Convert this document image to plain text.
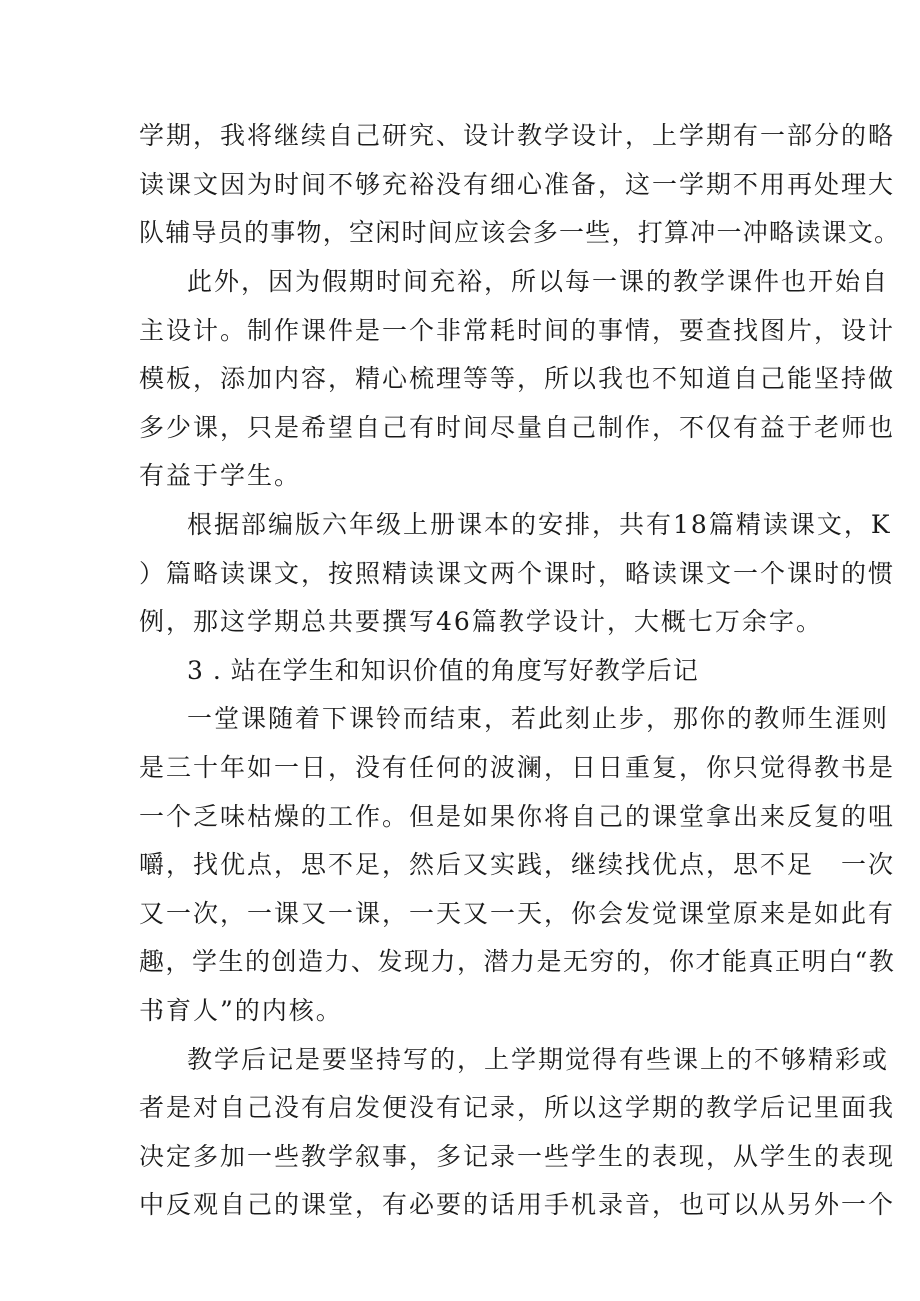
学期，我将继续自己研究、设计教学设计，上学期有一部分的略
读课文因为时间不够充裕没有细心准备，这一学期不用再处理大
队辅导员的事物，空闲时间应该会多一些，打算冲一冲略读课文。
此外，因为假期时间充裕，所以每一课的教学课件也开始自
主设计。制作课件是一个非常耗时间的事情，要查找图片，设计
模板，添加内容，精心梳理等等，所以我也不知道自己能坚持做
多少课，只是希望自己有时间尽量自己制作，不仅有益于老师也
有益于学生。
根据部编版六年级上册课本的安排，共有18篇精读课文，K
）篇略读课文，按照精读课文两个课时，略读课文一个课时的惯
例，那这学期总共要撰写46篇教学设计，大概七万余字。
3 . 站在学生和知识价值的角度写好教学后记
一堂课随着下课铃而结束，若此刻止步，那你的教师生涯则
是三十年如一日，没有任何的波澜，日日重复，你只觉得教书是
一个乏味枯燥的工作。但是如果你将自己的课堂拿出来反复的咀
嚼，找优点，思不足，然后又实践，继续找优点，思不足　一次
又一次，一课又一课，一天又一天，你会发觉课堂原来是如此有
趣，学生的创造力、发现力，潜力是无穷的，你才能真正明白“教
书育人”的内核。
教学后记是要坚持写的，上学期觉得有些课上的不够精彩或
者是对自己没有启发便没有记录，所以这学期的教学后记里面我
决定多加一些教学叙事，多记录一些学生的表现，从学生的表现
中反观自己的课堂，有必要的话用手机录音，也可以从另外一个
